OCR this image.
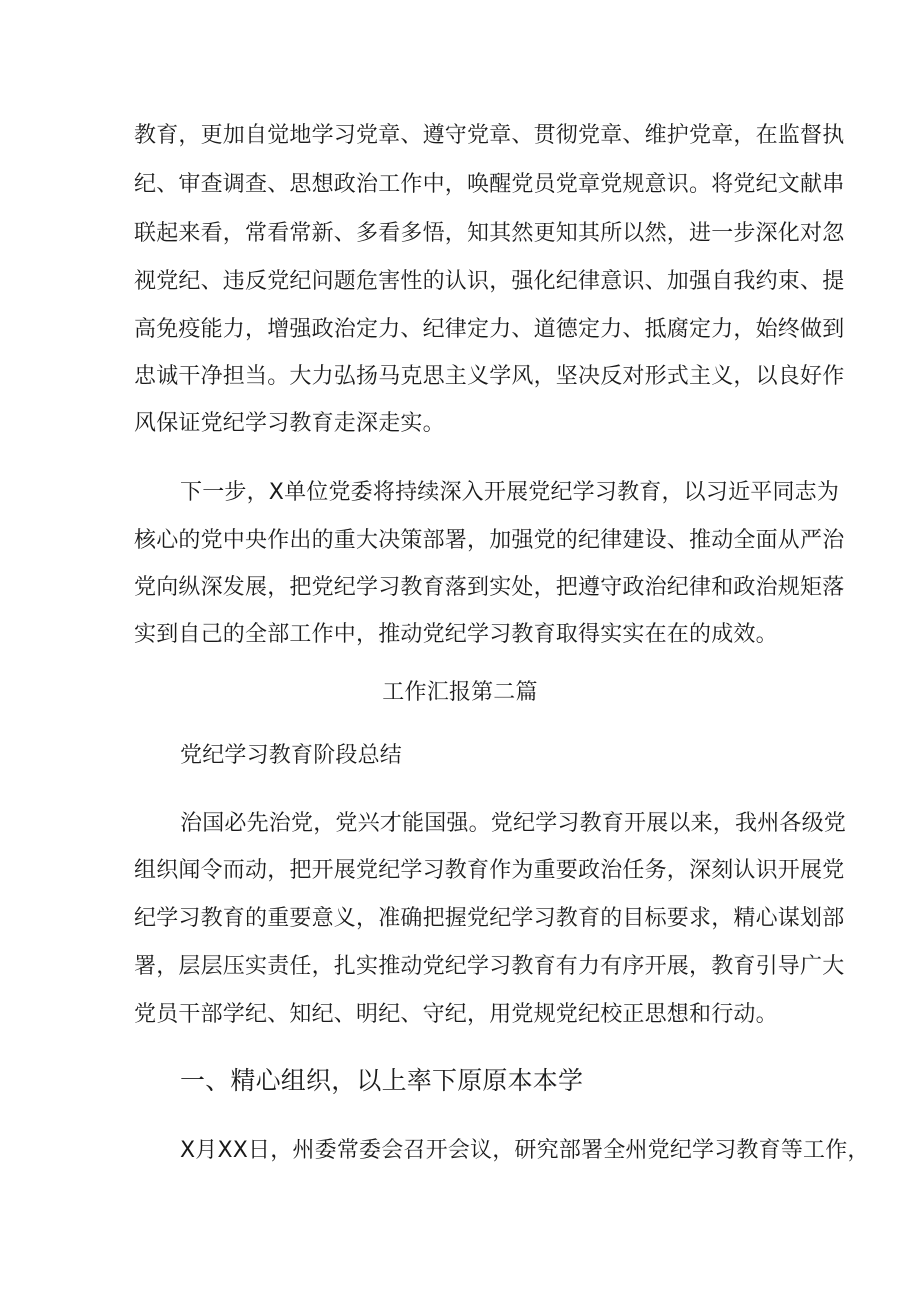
教育，更加自觉地学习党章、遵守党章、贯彻党章、维护党章，在监督执
纪、审查调查、思想政治工作中，唤醒党员党章党规意识。将党纪文献串
联起来看，常看常新、多看多悟，知其然更知其所以然，进一步深化对忽
视党纪、违反党纪问题危害性的认识，强化纪律意识、加强自我约束、提
高免疫能力，增强政治定力、纪律定力、道德定力、抵腐定力，始终做到
忠诚干净担当。大力弘扬马克思主义学风，坚决反对形式主义，以良好作
风保证党纪学习教育走深走实。
下一步，X单位党委将持续深入开展党纪学习教育，以习近平同志为
核心的党中央作出的重大决策部署，加强党的纪律建设、推动全面从严治
党向纵深发展，把党纪学习教育落到实处，把遵守政治纪律和政治规矩落
实到自己的全部工作中，推动党纪学习教育取得实实在在的成效。
工作汇报第二篇
党纪学习教育阶段总结
治国必先治党，党兴才能国强。党纪学习教育开展以来，我州各级党
组织闻令而动，把开展党纪学习教育作为重要政治任务，深刻认识开展党
纪学习教育的重要意义，准确把握党纪学习教育的目标要求，精心谋划部
署，层层压实责任，扎实推动党纪学习教育有力有序开展，教育引导广大
党员干部学纪、知纪、明纪、守纪，用党规党纪校正思想和行动。
一、精心组织，以上率下原原本本学
X月XX日，州委常委会召开会议，研究部署全州党纪学习教育等工作，
